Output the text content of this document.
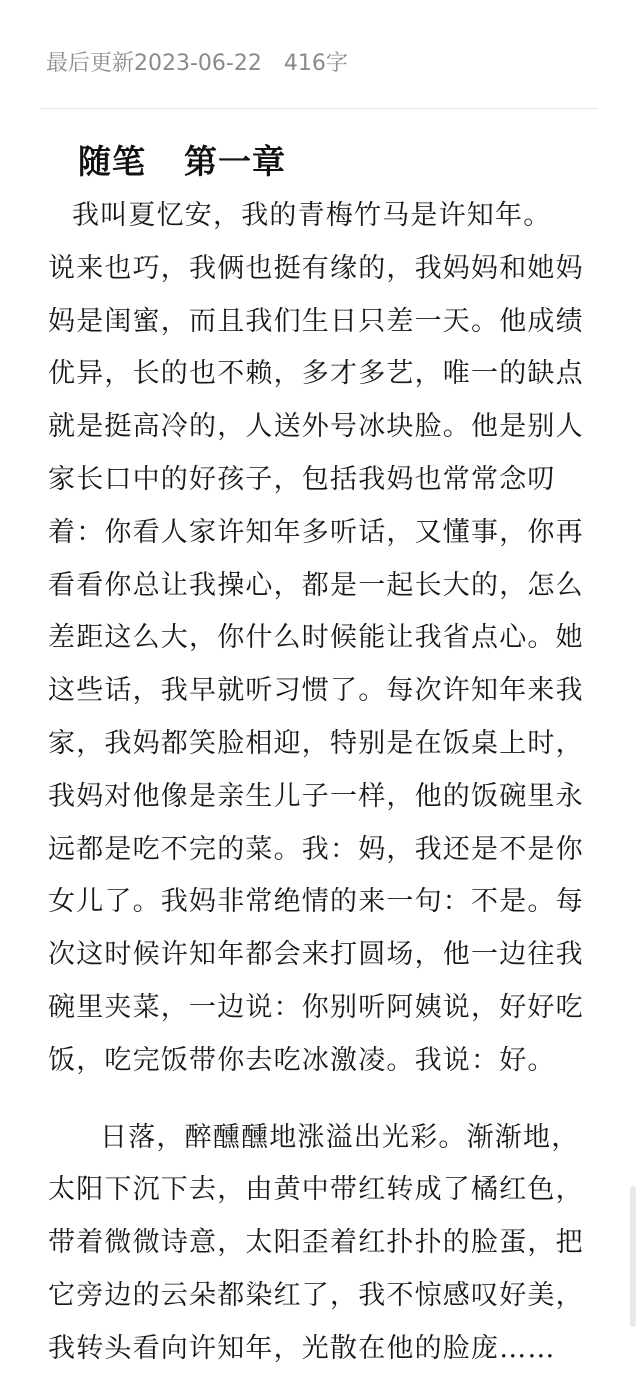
最后更新2023-06-22 416字
随笔 第一章
我叫夏忆安，我的青梅竹马是许知年。
说来也巧，我俩也挺有缘的，我妈妈和她妈
妈是闺蜜，而且我们生日只差一天。他成绩
优异，长的也不赖，多才多艺，唯一的缺点
就是挺高冷的，人送外号冰块脸。他是别人
家长口中的好孩子，包括我妈也常常念叨
着：你看人家许知年多听话，又懂事，你再
看看你总让我操心，都是一起长大的，怎么
差距这么大，你什么时候能让我省点心。她
这些话，我早就听习惯了。每次许知年来我
家，我妈都笑脸相迎，特别是在饭桌上时，
我妈对他像是亲生儿子一样，他的饭碗里永
远都是吃不完的菜。我：妈，我还是不是你
女儿了。我妈非常绝情的来一句：不是。每
次这时候许知年都会来打圆场，他一边往我
碗里夹菜，一边说：你别听阿姨说，好好吃
饭，吃完饭带你去吃冰激凌。我说：好。
日落，醉醺醺地涨溢出光彩。渐渐地，
太阳下沉下去，由黄中带红转成了橘红色，
带着微微诗意，太阳歪着红扑扑的脸蛋，把
它旁边的云朵都染红了，我不惊感叹好美，
我转头看向许知年，光散在他的脸庞……
